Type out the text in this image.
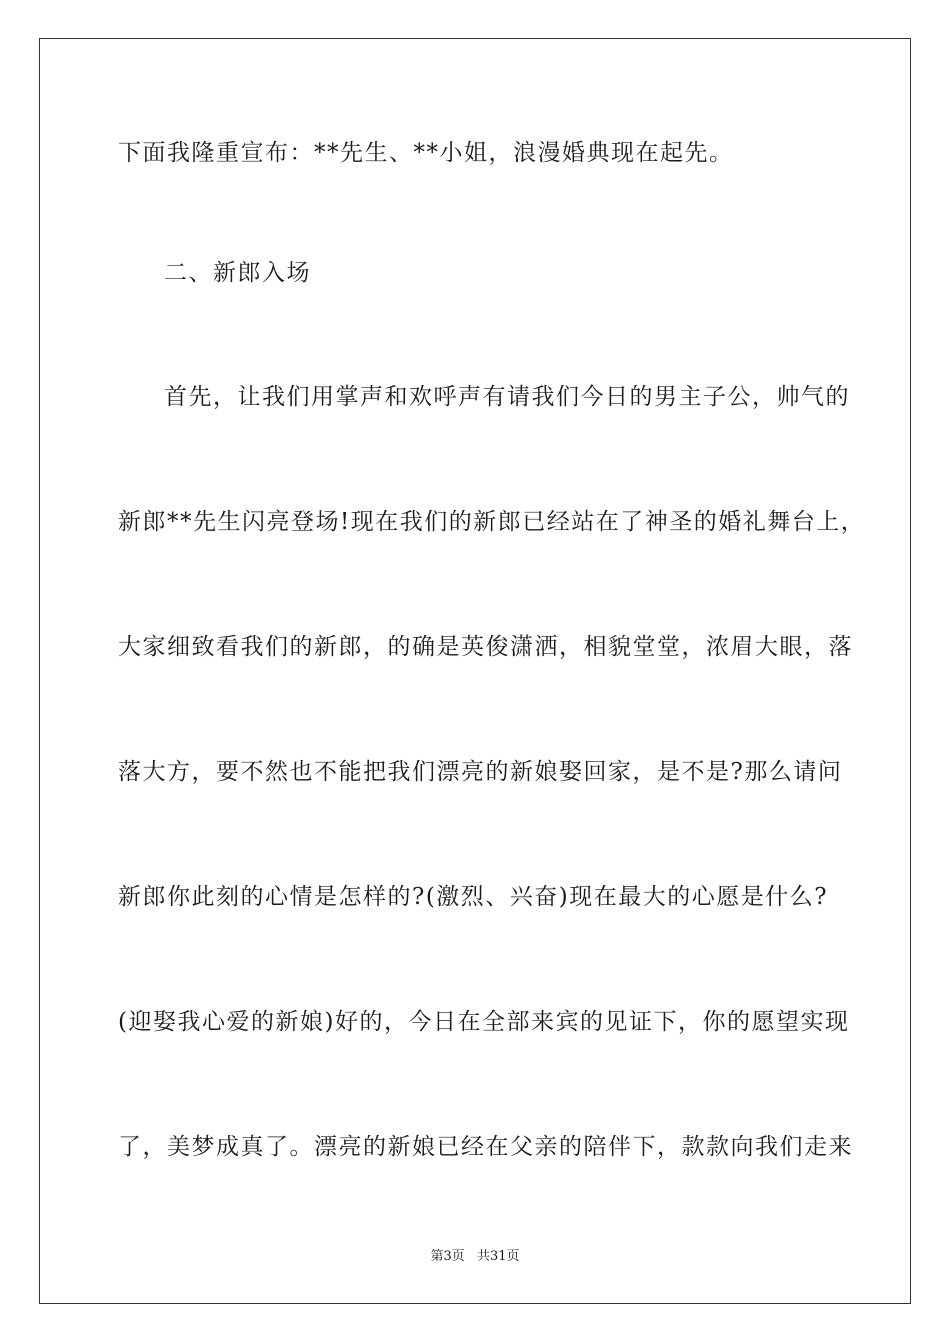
下面我隆重宣布：**先生、**小姐，浪漫婚典现在起先。
二、新郎入场
首先，让我们用掌声和欢呼声有请我们今日的男主子公，帅气的
新郎**先生闪亮登场!现在我们的新郎已经站在了神圣的婚礼舞台上，
大家细致看我们的新郎，的确是英俊潇洒，相貌堂堂，浓眉大眼，落
落大方，要不然也不能把我们漂亮的新娘娶回家，是不是?那么请问
新郎你此刻的心情是怎样的?(激烈、兴奋)现在最大的心愿是什么?
(迎娶我心爱的新娘)好的，今日在全部来宾的见证下，你的愿望实现
了，美梦成真了。漂亮的新娘已经在父亲的陪伴下，款款向我们走来
第3页 共31页
